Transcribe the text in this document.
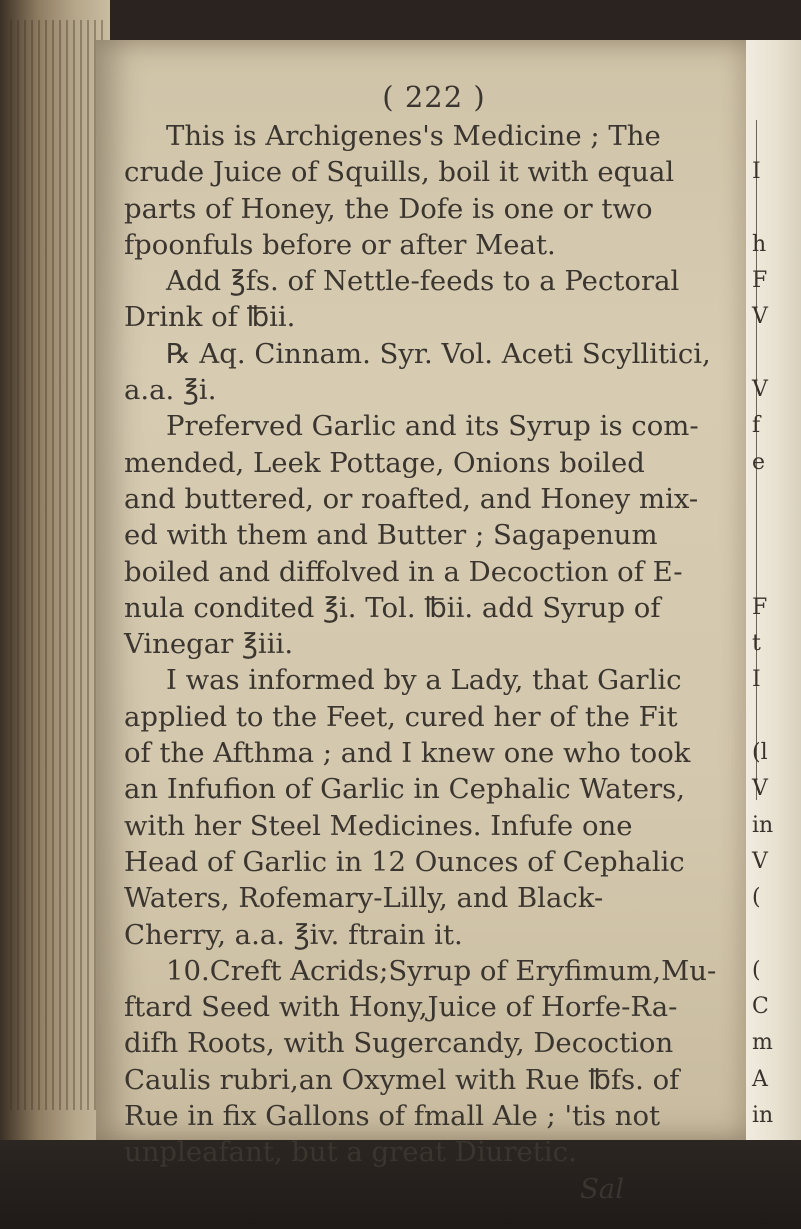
( 222 )
This is Archigenes's Medicine ; The
crude Juice of Squills, boil it with equal
parts of Honey, the Dofe is one or two
fpoonfuls before or after Meat.
Add ℥fs. of Nettle-feeds to a Pectoral
Drink of ℔ii.
℞ Aq. Cinnam. Syr. Vol. Aceti Scyllitici,
a.a. ℥i.
Preferved Garlic and its Syrup is com-
mended, Leek Pottage, Onions boiled
and buttered, or roafted, and Honey mix-
ed with them and Butter ; Sagapenum
boiled and diffolved in a Decoction of E-
nula condited ℥i. Tol. ℔ii. add Syrup of
Vinegar ℥iii.
I was informed by a Lady, that Garlic
applied to the Feet, cured her of the Fit
of the Afthma ; and I knew one who took
an Infufion of Garlic in Cephalic Waters,
with her Steel Medicines. Infufe one
Head of Garlic in 12 Ounces of Cephalic
Waters, Rofemary-Lilly, and Black-
Cherry, a.a. ℥iv. ftrain it.
10.Creft Acrids;Syrup of Eryfimum,Mu-
ftard Seed with Hony,Juice of Horfe-Ra-
difh Roots, with Sugercandy, Decoction
Caulis rubri,an Oxymel with Rue ℔fs. of
Rue in fix Gallons of fmall Ale ; 'tis not
unpleafant, but a great Diuretic.
Sal
I
h
F
V
V
f
e
F
t
I
(l
V
in
V
(
(
C
m
A
in
